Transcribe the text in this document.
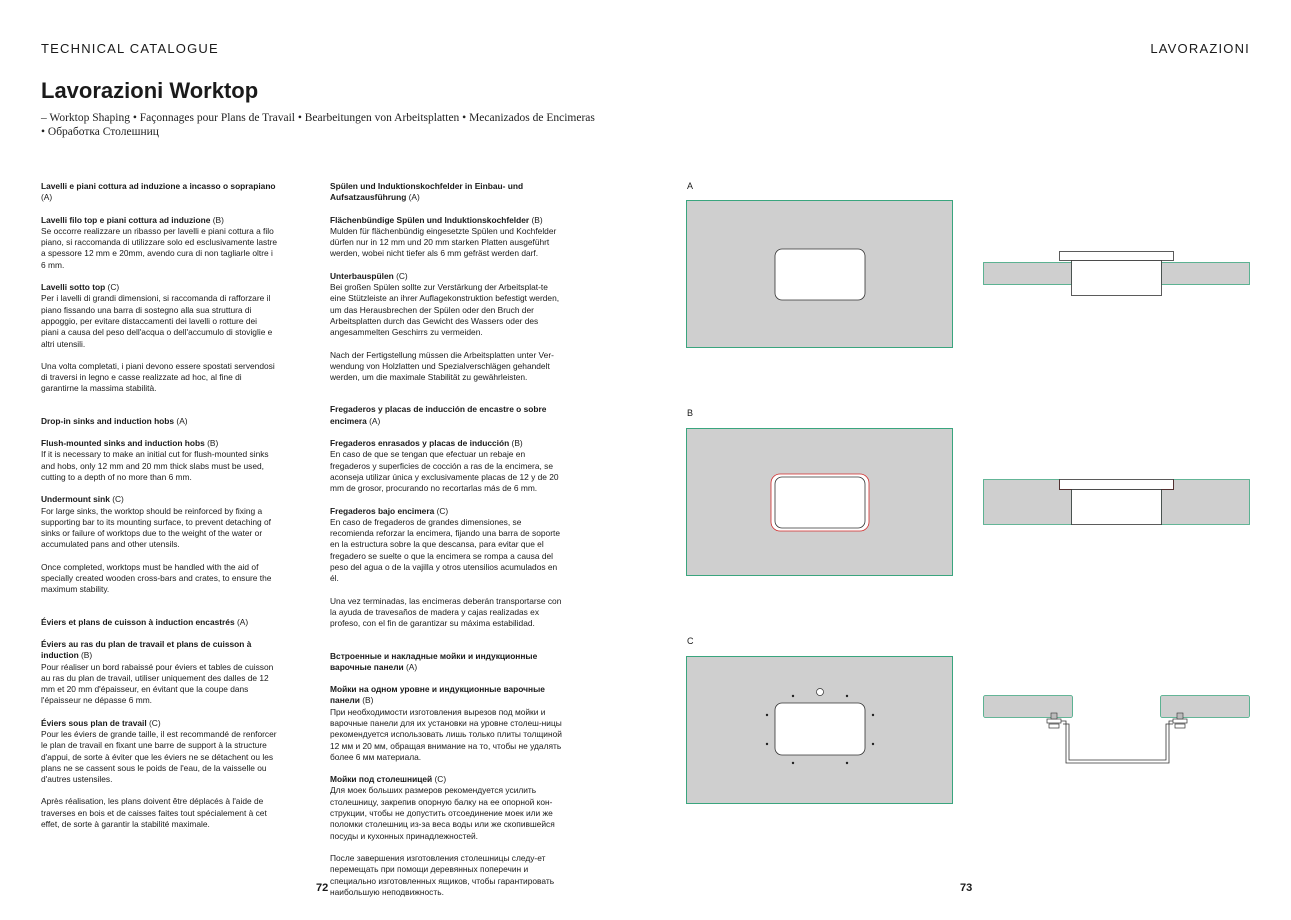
TECHNICAL CATALOGUE	LAVORAZIONI
Lavorazioni Worktop
– Worktop Shaping • Façonnages pour Plans de Travail • Bearbeitungen von Arbeitsplatten • Mecanizados de Encimeras
• Обработка Столешниц
Lavelli e piani cottura ad induzione a incasso o soprapiano (A)
Lavelli filo top e piani cottura ad induzione (B)
Se occorre realizzare un ribasso per lavelli e piani cottura a filo piano, si raccomanda di utilizzare solo ed esclusivamente lastre a spessore 12 mm e 20mm, avendo cura di non tagliarle oltre i 6 mm.
Lavelli sotto top (C)
Per i lavelli di grandi dimensioni, si raccomanda di rafforzare il piano fissando una barra di sostegno alla sua struttura di appoggio, per evitare distaccamenti dei lavelli o rotture dei piani a causa del peso dell'acqua o dell'accumulo di stoviglie e altri utensili.
Una volta completati, i piani devono essere spostati servendosi di traversi in legno e casse realizzate ad hoc, al fine di garantirne la massima stabilità.
Drop-in sinks and induction hobs (A)
Flush-mounted sinks and induction hobs (B)
If it is necessary to make an initial cut for flush-mounted sinks and hobs, only 12 mm and 20 mm thick slabs must be used, cutting to a depth of no more than 6 mm.
Undermount sink (C)
For large sinks, the worktop should be reinforced by fixing a supporting bar to its mounting surface, to prevent detaching of sinks or failure of worktops due to the weight of the water or accumulated pans and other utensils.
Once completed, worktops must be handled with the aid of specially created wooden cross-bars and crates, to ensure the maximum stability.
Éviers et plans de cuisson à induction encastrés (A)
Éviers au ras du plan de travail et plans de cuisson à induction (B)
Pour réaliser un bord rabaissé pour éviers et tables de cuisson au ras du plan de travail, utiliser uniquement des dalles de 12 mm et 20 mm d'épaisseur, en évitant que la coupe dans l'épaisseur ne dépasse 6 mm.
Éviers sous plan de travail (C)
Pour les éviers de grande taille, il est recommandé de renforcer le plan de travail en fixant une barre de support à la structure d'appui, de sorte à éviter que les éviers ne se détachent ou les plans ne se cassent sous le poids de l'eau, de la vaisselle ou d'autres ustensiles.
Après réalisation, les plans doivent être déplacés à l'aide de traverses en bois et de caisses faites tout spécialement à cet effet, de sorte à garantir la stabilité maximale.
Spülen und Induktionskochfelder in Einbau- und Aufsatzausführung (A)
Flächenbündige Spülen und Induktionskochfelder (B)
Mulden für flächenbündig eingesetzte Spülen und Kochfelder dürfen nur in 12 mm und 20 mm starken Platten ausgeführt werden, wobei nicht tiefer als 6 mm gefräst werden darf.
Unterbauspülen (C)
Bei großen Spülen sollte zur Verstärkung der Arbeitsplat-te eine Stützleiste an ihrer Auflagekonstruktion befestigt werden, um das Herausbrechen der Spülen oder den Bruch der Arbeitsplatten durch das Gewicht des Wassers oder des angesammelten Geschirrs zu vermeiden.
Nach der Fertigstellung müssen die Arbeitsplatten unter Ver-wendung von Holzlatten und Spezialverschlägen gehandelt werden, um die maximale Stabilität zu gewährleisten.
Fregaderos y placas de inducción de encastre o sobre encimera (A)
Fregaderos enrasados y placas de inducción (B)
En caso de que se tengan que efectuar un rebaje en fregaderos y superficies de cocción a ras de la encimera, se aconseja utilizar única y exclusivamente placas de 12 y de 20 mm de grosor, procurando no recortarlas más de 6 mm.
Fregaderos bajo encimera (C)
En caso de fregaderos de grandes dimensiones, se recomienda reforzar la encimera, fijando una barra de soporte en la estructura sobre la que descansa, para evitar que el fregadero se suelte o que la encimera se rompa a causa del peso del agua o de la vajilla y otros utensilios acumulados en él.
Una vez terminadas, las encimeras deberán transportarse con la ayuda de travesaños de madera y cajas realizadas ex profeso, con el fin de garantizar su máxima estabilidad.
Встроенные и накладные мойки и индукционные варочные панели (A)
Мойки на одном уровне и индукционные варочные панели (B)
При необходимости изготовления вырезов под мойки и варочные панели для их установки на уровне столеш-ницы рекомендуется использовать лишь только плиты толщиной 12 мм и 20 мм, обращая внимание на то, чтобы не удалять более 6 мм материала.
Мойки под столешницей (C)
Для моек больших размеров рекомендуется усилить столешницу, закрепив опорную балку на ее опорной кон-струкции, чтобы не допустить отсоединение моек или же поломки столешниц из-за веса воды или же скопившейся посуды и кухонных принадлежностей.
После завершения изготовления столешницы следу-ет перемещать при помощи деревянных поперечин и специально изготовленных ящиков, чтобы гарантировать наибольшую неподвижность.
A
B
C
72	73
